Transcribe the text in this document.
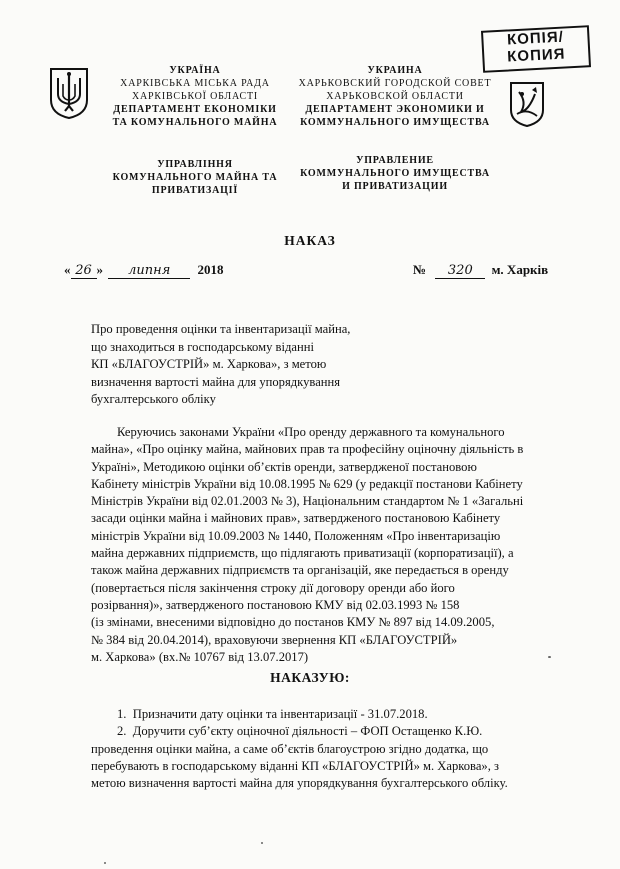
КОПІЯ/
КОПИЯ
УКРАЇНА
ХАРКІВСЬКА МІСЬКА РАДА
ХАРКІВСЬКОЇ ОБЛАСТІ
ДЕПАРТАМЕНТ ЕКОНОМІКИ
ТА КОМУНАЛЬНОГО МАЙНА
УПРАВЛІННЯ
КОМУНАЛЬНОГО МАЙНА ТА
ПРИВАТИЗАЦІЇ
УКРАИНА
ХАРЬКОВСКИЙ ГОРОДСКОЙ СОВЕТ
ХАРЬКОВСКОЙ ОБЛАСТИ
ДЕПАРТАМЕНТ ЭКОНОМИКИ И
КОММУНАЛЬНОГО ИМУЩЕСТВА
УПРАВЛЕНИЕ
КОММУНАЛЬНОГО ИМУЩЕСТВА
И ПРИВАТИЗАЦИИ
НАКАЗ
« 26 » липня 2018	№ 320 м. Харків

Про проведення оцінки та інвентаризації майна,

що знаходиться в господарському віданні

КП «БЛАГОУСТРІЙ» м. Харкова», з метою

визначення вартості майна для упорядкування

бухгалтерського обліку

Керуючись законами України «Про оренду державного та комунального

майна», «Про оцінку майна, майнових прав та професійну оціночну діяльність в

Україні», Методикою оцінки об’єктів оренди, затвердженої постановою

Кабінету міністрів України від 10.08.1995 № 629 (у редакції постанови Кабінету

Міністрів України від 02.01.2003 № 3), Національним стандартом № 1 «Загальні

засади оцінки майна і майнових прав», затвердженого постановою Кабінету

міністрів України від 10.09.2003 № 1440, Положенням «Про інвентаризацію

майна державних підприємств, що підлягають приватизації (корпоратизації), а

також майна державних підприємств та організацій, яке передається в оренду

(повертається після закінчення строку дії договору оренди або його

розірвання)», затвердженого постановою КМУ від 02.03.1993 № 158

(із змінами, внесеними відповідно до постанов КМУ № 897 від 14.09.2005,

№ 384 від 20.04.2014), враховуючи звернення КП «БЛАГОУСТРІЙ»

м. Харкова» (вх.№ 10767 від 13.07.2017)

НАКАЗУЮ:

1. Призначити дату оцінки та інвентаризації - 31.07.2018.

2. Доручити суб’єкту оціночної діяльності – ФОП Остащенко К.Ю.

проведення оцінки майна, а саме об’єктів благоустрою згідно додатка, що

перебувають в господарському віданні КП «БЛАГОУСТРІЙ» м. Харкова», з

метою визначення вартості майна для упорядкування бухгалтерського обліку.
